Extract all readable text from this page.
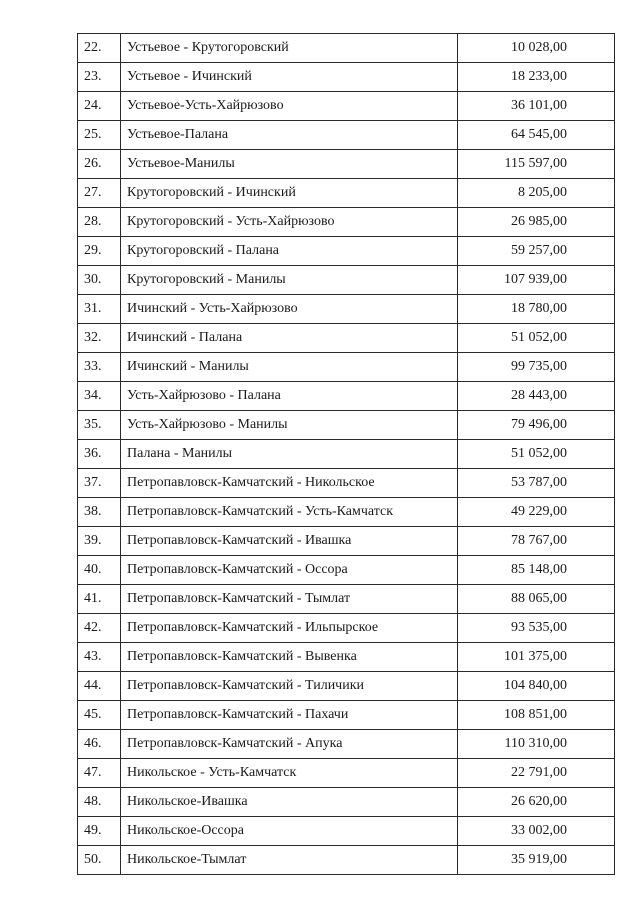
22.	Устьевое - Крутогоровский	10 028,00
23.	Устьевое - Ичинский	18 233,00
24.	Устьевое-Усть-Хайрюзово	36 101,00
25.	Устьевое-Палана	64 545,00
26.	Устьевое-Манилы	115 597,00
27.	Крутогоровский - Ичинский	8 205,00
28.	Крутогоровский - Усть-Хайрюзово	26 985,00
29.	Крутогоровский - Палана	59 257,00
30.	Крутогоровский - Манилы	107 939,00
31.	Ичинский - Усть-Хайрюзово	18 780,00
32.	Ичинский - Палана	51 052,00
33.	Ичинский - Манилы	99 735,00
34.	Усть-Хайрюзово - Палана	28 443,00
35.	Усть-Хайрюзово - Манилы	79 496,00
36.	Палана - Манилы	51 052,00
37.	Петропавловск-Камчатский - Никольское	53 787,00
38.	Петропавловск-Камчатский - Усть-Камчатск	49 229,00
39.	Петропавловск-Камчатский - Ивашка	78 767,00
40.	Петропавловск-Камчатский - Оссора	85 148,00
41.	Петропавловск-Камчатский - Тымлат	88 065,00
42.	Петропавловск-Камчатский - Ильпырское	93 535,00
43.	Петропавловск-Камчатский - Вывенка	101 375,00
44.	Петропавловск-Камчатский - Тиличики	104 840,00
45.	Петропавловск-Камчатский - Пахачи	108 851,00
46.	Петропавловск-Камчатский - Апука	110 310,00
47.	Никольское - Усть-Камчатск	22 791,00
48.	Никольское-Ивашка	26 620,00
49.	Никольское-Оссора	33 002,00
50.	Никольское-Тымлат	35 919,00
